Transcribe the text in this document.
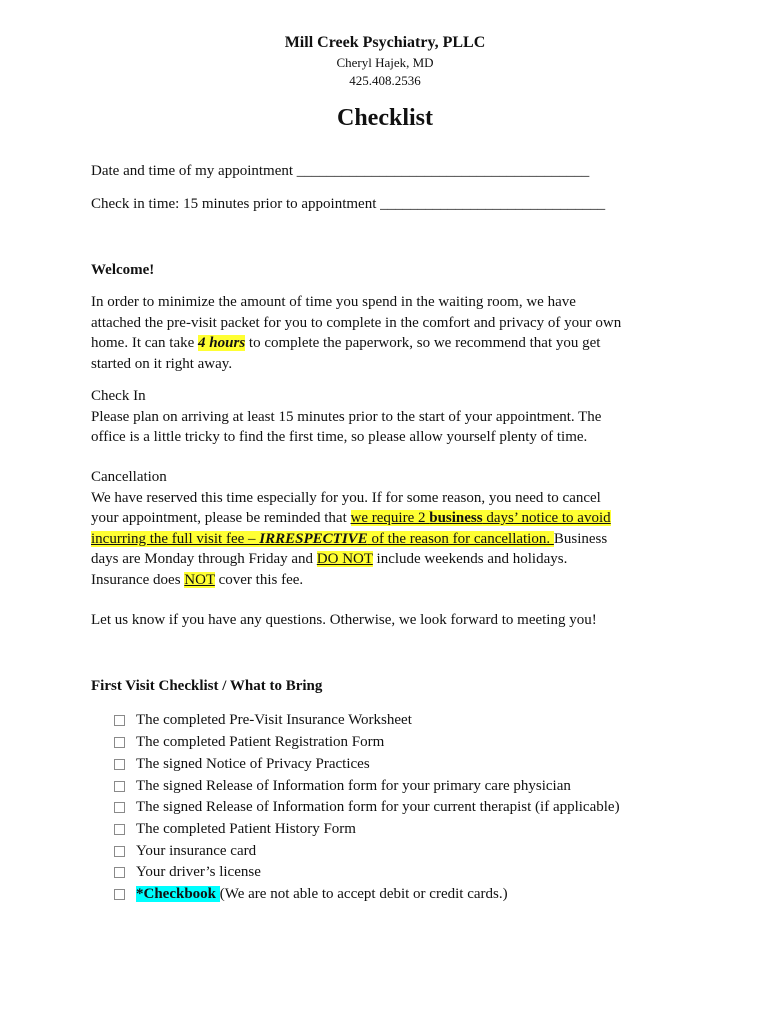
Mill Creek Psychiatry, PLLC
Cheryl Hajek, MD
425.408.2536
Checklist
Date and time of my appointment _______________________________________
Check in time: 15 minutes prior to appointment ______________________________
Welcome!
In order to minimize the amount of time you spend in the waiting room, we have
attached the pre-visit packet for you to complete in the comfort and privacy of your own
home. It can take 4 hours to complete the paperwork, so we recommend that you get
started on it right away.
Check In
Please plan on arriving at least 15 minutes prior to the start of your appointment. The
office is a little tricky to find the first time, so please allow yourself plenty of time.
Cancellation
We have reserved this time especially for you. If for some reason, you need to cancel
your appointment, please be reminded that we require 2 business days’ notice to avoid
incurring the full visit fee – IRRESPECTIVE of the reason for cancellation. Business
days are Monday through Friday and DO NOT include weekends and holidays.
Insurance does NOT cover this fee.
Let us know if you have any questions. Otherwise, we look forward to meeting you!
First Visit Checklist / What to Bring
The completed Pre-Visit Insurance Worksheet
The completed Patient Registration Form
The signed Notice of Privacy Practices
The signed Release of Information form for your primary care physician
The signed Release of Information form for your current therapist (if applicable)
The completed Patient History Form
Your insurance card
Your driver’s license
*Checkbook (We are not able to accept debit or credit cards.)
